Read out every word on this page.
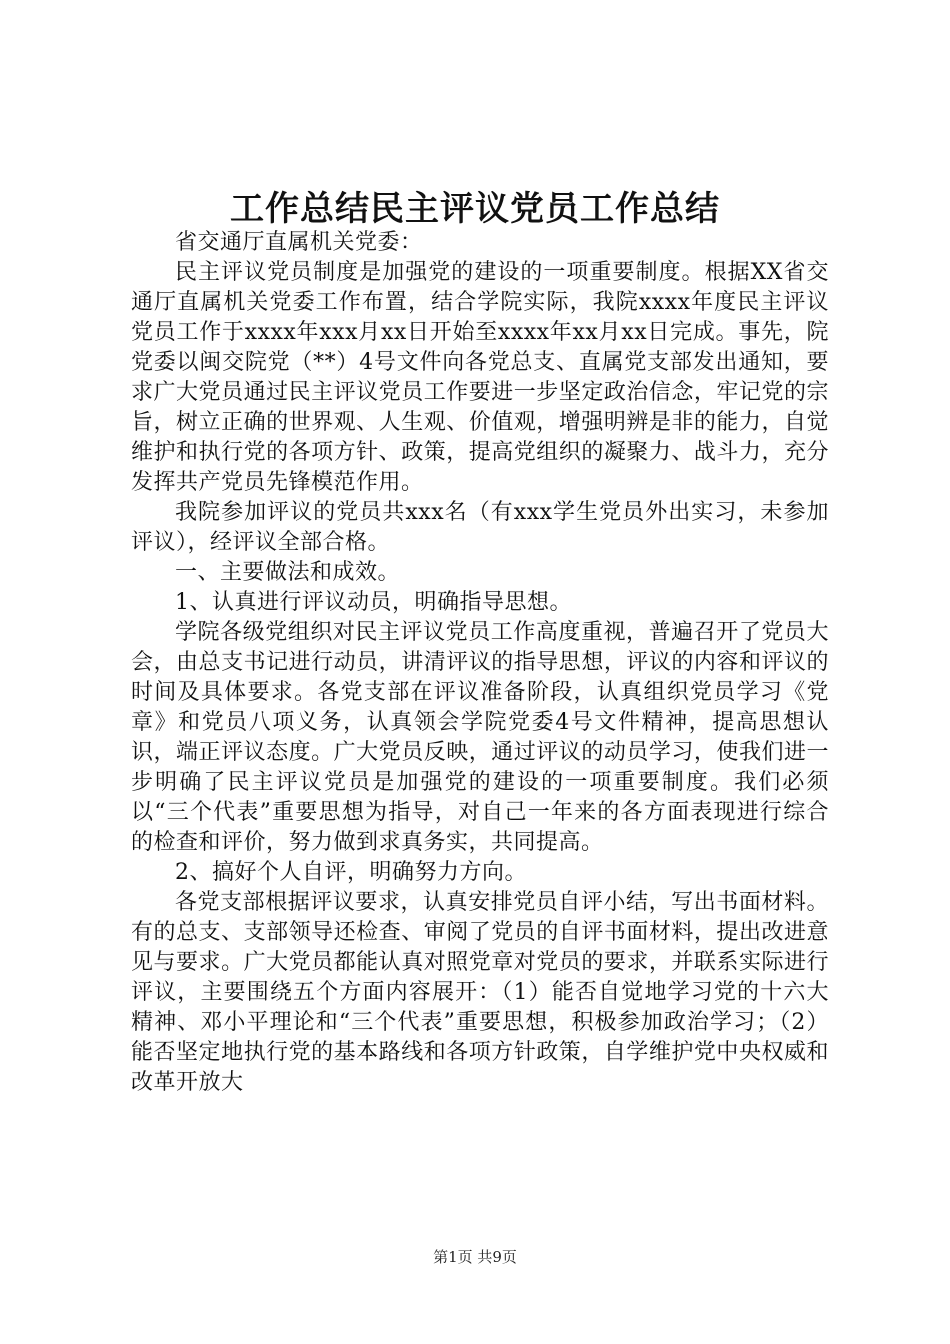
工作总结民主评议党员工作总结

省交通厅直属机关党委：

民主评议党员制度是加强党的建设的一项重要制度。根据XX省交通厅直属机关党委工作布置，结合学院实际，我院xxxx年度民主评议党员工作于xxxx年xxx月xx日开始至xxxx年xx月xx日完成。事先，院党委以闽交院党（**）4号文件向各党总支、直属党支部发出通知，要求广大党员通过民主评议党员工作要进一步坚定政治信念，牢记党的宗旨，树立正确的世界观、人生观、价值观，增强明辨是非的能力，自觉维护和执行党的各项方针、政策，提高党组织的凝聚力、战斗力，充分发挥共产党员先锋模范作用。

我院参加评议的党员共xxx名（有xxx学生党员外出实习，未参加评议），经评议全部合格。

一、主要做法和成效。

1、认真进行评议动员，明确指导思想。

学院各级党组织对民主评议党员工作高度重视，普遍召开了党员大会，由总支书记进行动员，讲清评议的指导思想，评议的内容和评议的时间及具体要求。各党支部在评议准备阶段，认真组织党员学习《党章》和党员八项义务，认真领会学院党委4号文件精神，提高思想认识，端正评议态度。广大党员反映，通过评议的动员学习，使我们进一步明确了民主评议党员是加强党的建设的一项重要制度。我们必须以“三个代表”重要思想为指导，对自己一年来的各方面表现进行综合的检查和评价，努力做到求真务实，共同提高。

2、搞好个人自评，明确努力方向。

各党支部根据评议要求，认真安排党员自评小结，写出书面材料。有的总支、支部领导还检查、审阅了党员的自评书面材料，提出改进意见与要求。广大党员都能认真对照党章对党员的要求，并联系实际进行评议，主要围绕五个方面内容展开：（1）能否自觉地学习党的十六大精神、邓小平理论和“三个代表”重要思想，积极参加政治学习；（2）能否坚定地执行党的基本路线和各项方针政策，自学维护党中央权威和改革开放大

第1页 共9页
